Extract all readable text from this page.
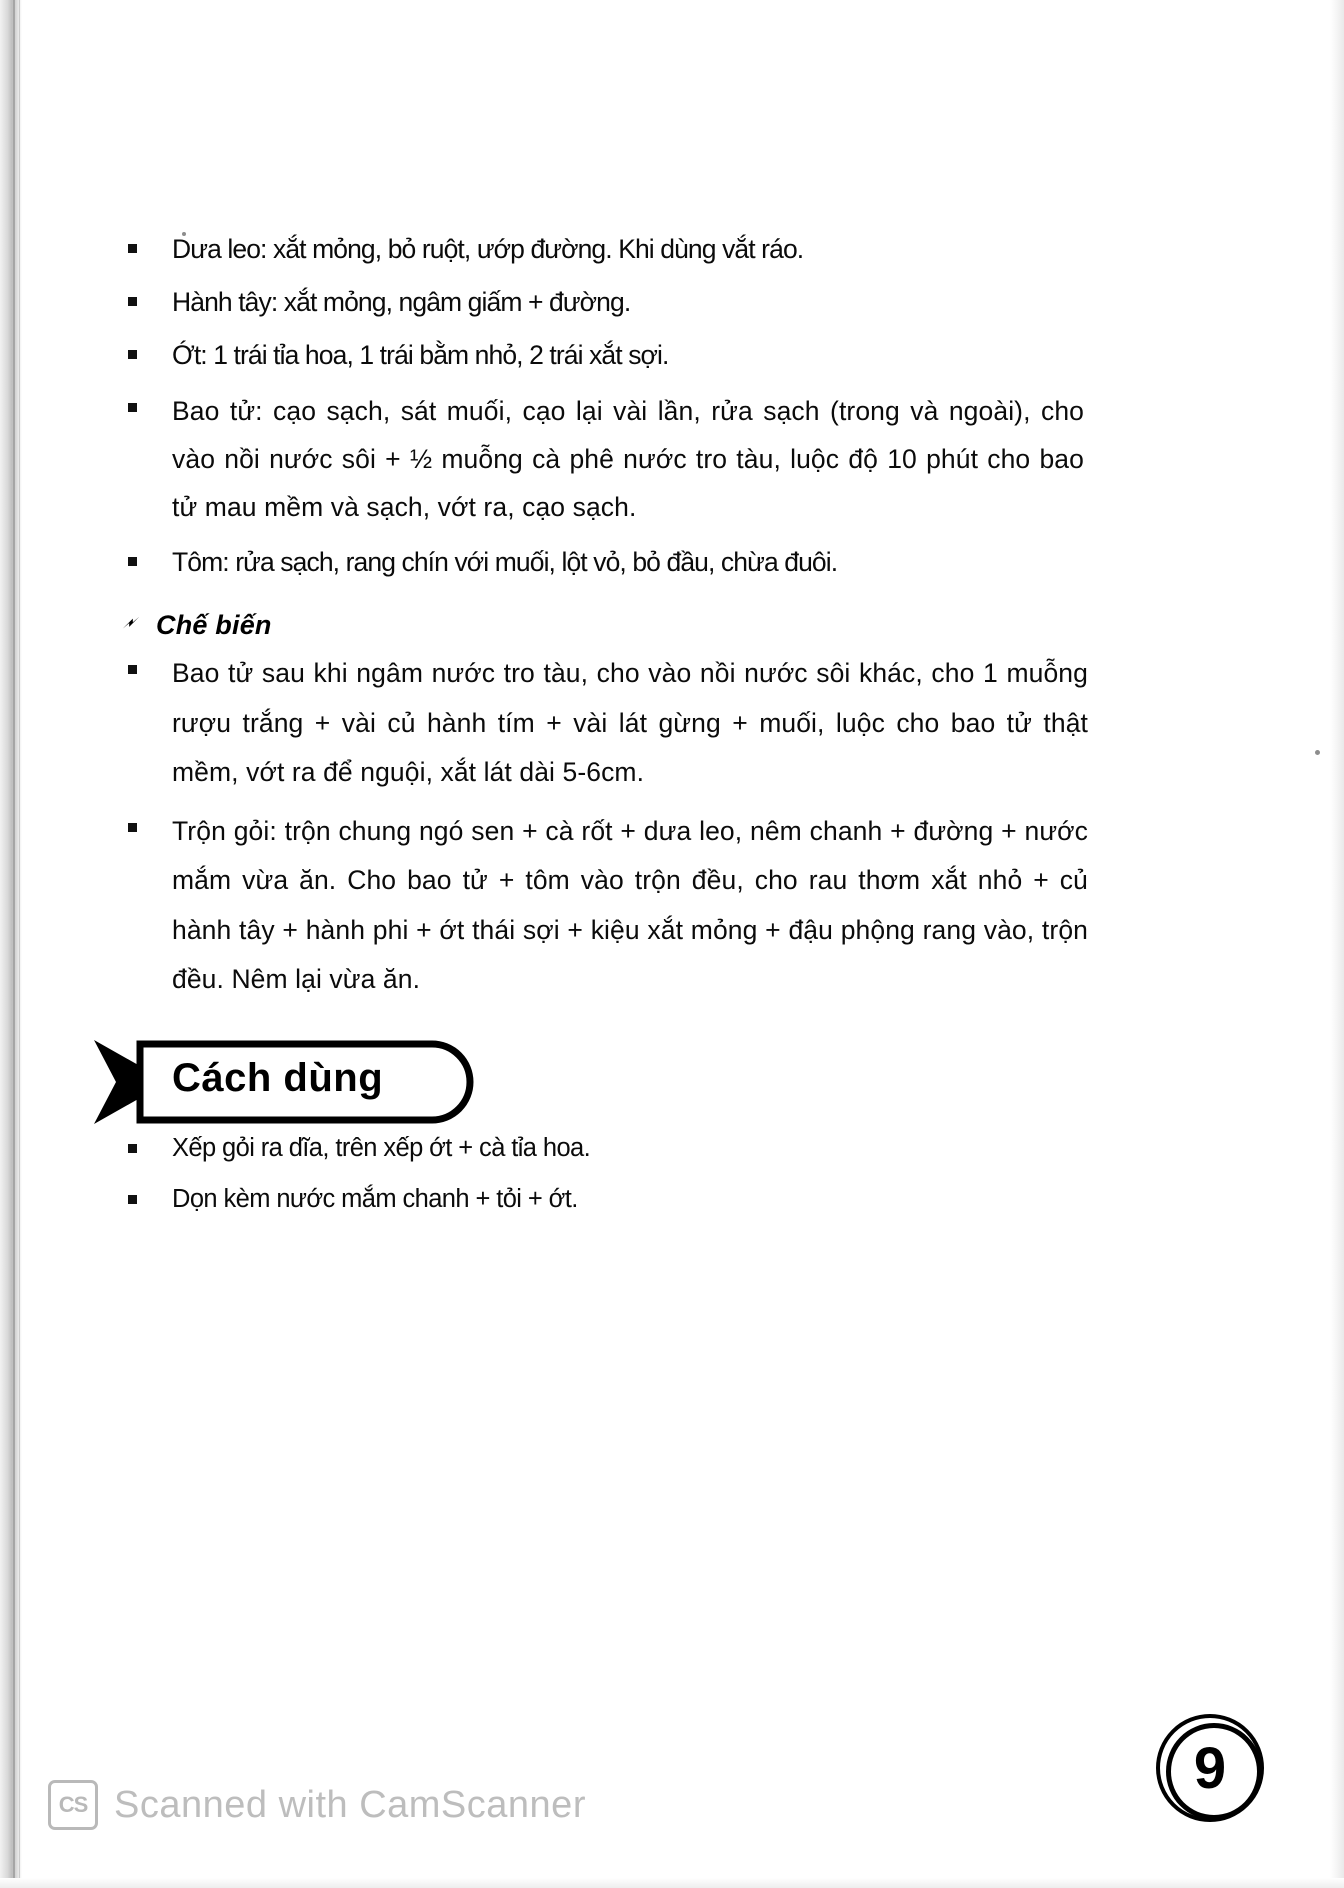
Dưa leo: xắt mỏng, bỏ ruột, ướp đường. Khi dùng vắt ráo.
Hành tây: xắt mỏng, ngâm giấm + đường.
Ớt: 1 trái tỉa hoa, 1 trái bằm nhỏ, 2 trái xắt sợi.
Bao tử: cạo sạch, sát muối, cạo lại vài lần, rửa sạch (trong và ngoài), cho vào nồi nước sôi + ½ muỗng cà phê nước tro tàu, luộc độ 10 phút cho bao tử mau mềm và sạch, vớt ra, cạo sạch.
Tôm: rửa sạch, rang chín với muối, lột vỏ, bỏ đầu, chừa đuôi.
Chế biến
Bao tử sau khi ngâm nước tro tàu, cho vào nồi nước sôi khác, cho 1 muỗng rượu trắng + vài củ hành tím + vài lát gừng + muối, luộc cho bao tử thật mềm, vớt ra để nguội, xắt lát dài 5-6cm.
Trộn gỏi: trộn chung ngó sen + cà rốt + dưa leo, nêm chanh + đường + nước mắm vừa ăn. Cho bao tử + tôm vào trộn đều, cho rau thơm xắt nhỏ + củ hành tây + hành phi + ớt thái sợi + kiệu xắt mỏng + đậu phộng rang vào, trộn đều. Nêm lại vừa ăn.
Cách dùng
Xếp gỏi ra dĩa, trên xếp ớt + cà tỉa hoa.
Dọn kèm nước mắm chanh + tỏi + ớt.
9
CS Scanned with CamScanner
